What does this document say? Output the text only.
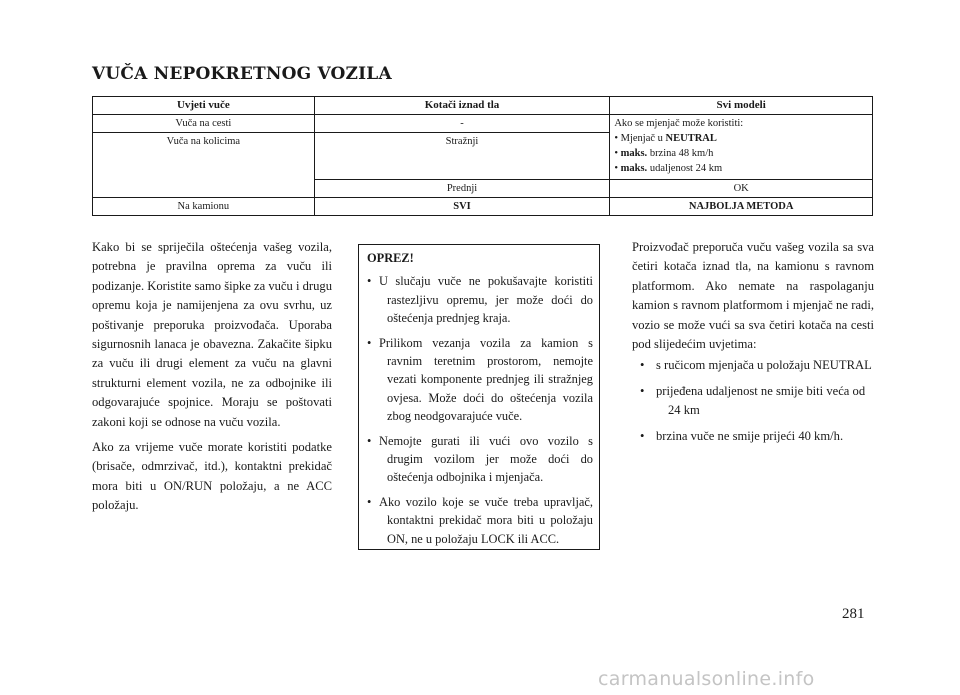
VUČA NEPOKRETNOG VOZILA
Uvjeti vuče	Kotači iznad tla	Svi modeli
Vuča na cesti	-	Ako se mjenjač može koristiti:
• Mjenjač u NEUTRAL
• maks. brzina 48 km/h
• maks. udaljenost 24 km

Vuča na kolicima	Stražnji	
	Prednji	OK
Na kamionu	SVI	NAJBOLJA METODA

Kako bi se spriječila oštećenja vašeg vozila, potrebna je pravilna oprema za vuču ili podizanje. Koristite samo šipke za vuču i drugu opremu koja je namijenjena za ovu svrhu, uz poštivanje preporuka proizvođača. Uporaba sigurnosnih lanaca je obavezna. Zakačite šipku za vuču ili drugi element za vuču na glavni strukturni element vozila, ne za odbojnike ili odgovarajuće spojnice. Moraju se poštovati zakoni koji se odnose na vuču vozila.

Ako za vrijeme vuče morate koristiti podatke (brisače, odmrzivač, itd.), kontaktni prekidač mora biti u ON/RUN položaju, a ne ACC položaju.

OPREZ!
• U slučaju vuče ne pokušavajte koristiti rastezljivu opremu, jer može doći do oštećenja prednjeg kraja.
• Prilikom vezanja vozila za kamion s ravnim teretnim prostorom, nemojte vezati komponente prednjeg ili stražnjeg ovjesa. Može doći do oštećenja vozila zbog neodgovarajuće vuče.
• Nemojte gurati ili vući ovo vozilo s drugim vozilom jer može doći do oštećenja odbojnika i mjenjača.
• Ako vozilo koje se vuče treba upravljač, kontaktni prekidač mora biti u položaju ON, ne u položaju LOCK ili ACC.

Proizvođač preporuča vuču vašeg vozila sa sva četiri kotača iznad tla, na kamionu s ravnom platformom. Ako nemate na raspolaganju kamion s ravnom platformom i mjenjač ne radi, vozio se može vući sa sva četiri kotača na cesti pod slijedećim uvjetima:

• s ručicom mjenjača u položaju NEUTRAL
• prijeđena udaljenost ne smije biti veća od 24 km
• brzina vuče ne smije prijeći 40 km/h.
281
carmanualsonline.info
